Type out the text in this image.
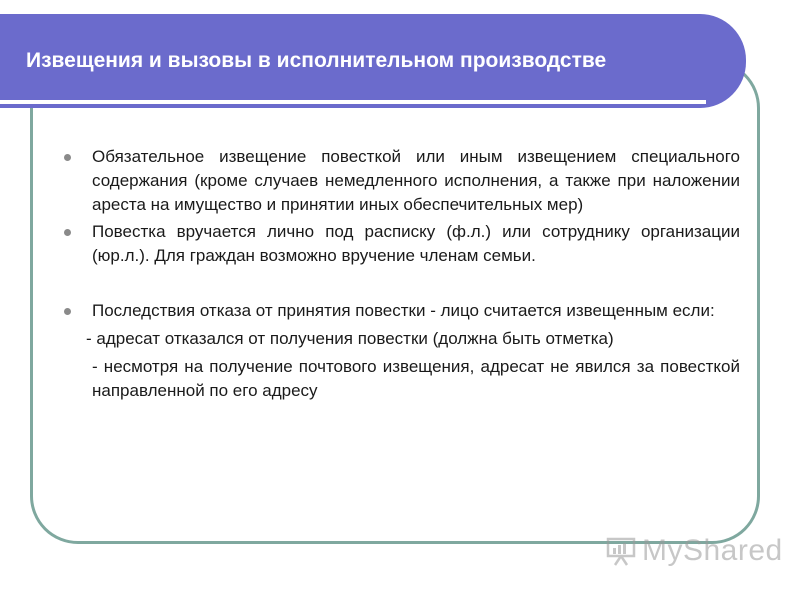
Извещения и вызовы в исполнительном производстве
Обязательное извещение повесткой или иным извещением специального содержания (кроме случаев немедленного исполнения, а также при наложении ареста на имущество и принятии иных обеспечительных мер)
Повестка вручается лично под расписку (ф.л.) или сотруднику организации (юр.л.). Для граждан возможно вручение членам семьи.
Последствия отказа от принятия повестки - лицо считается извещенным если:
- адресат отказался от получения повестки (должна быть отметка)
- несмотря на получение почтового извещения, адресат не явился за повесткой направленной по его адресу
MyShared
